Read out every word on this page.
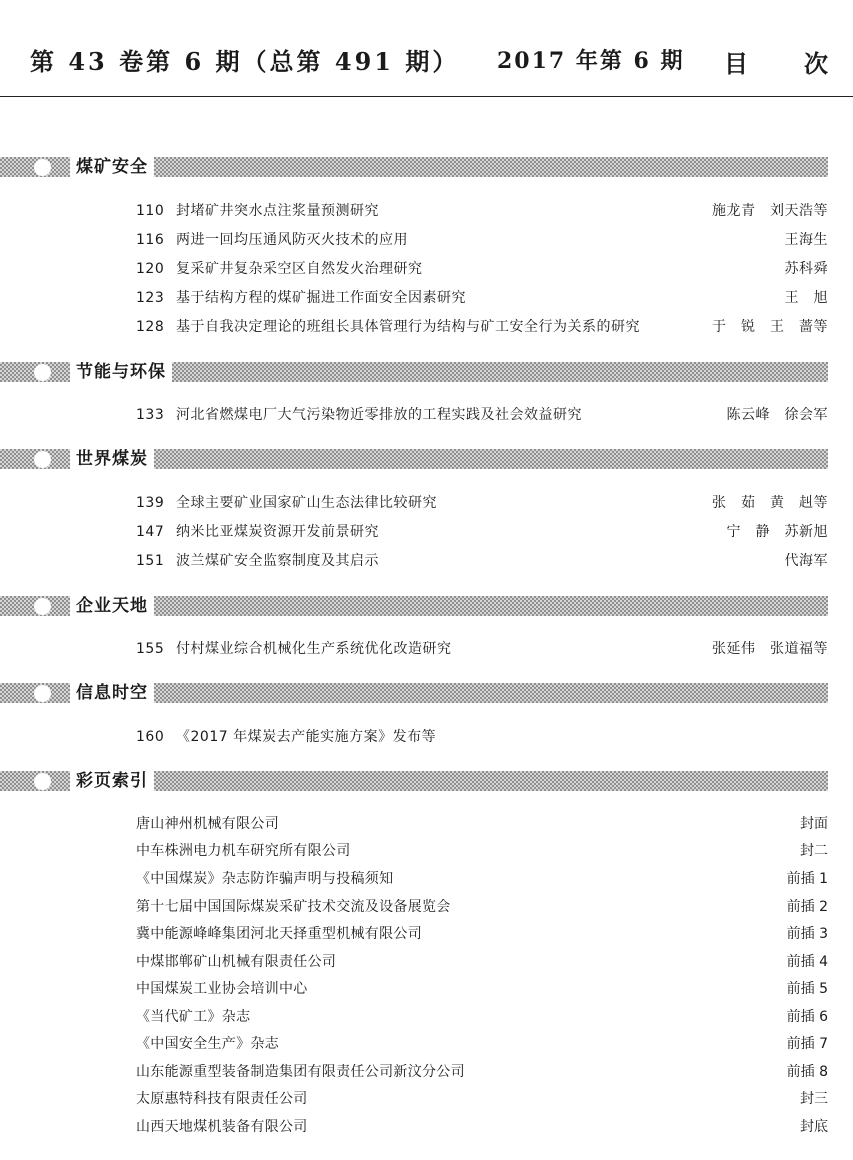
第 43 卷第 6 期（总第 491 期） 2017 年第 6 期 目 次
煤矿安全
110 封堵矿井突水点注浆量预测研究	施龙青　刘天浩等
116 两进一回均压通风防灭火技术的应用	王海生
120 复采矿井复杂采空区自然发火治理研究	苏科舜
123 基于结构方程的煤矿掘进工作面安全因素研究	王　旭
128 基于自我决定理论的班组长具体管理行为结构与矿工安全行为关系的研究	于　锐　王　蔷等
节能与环保
133 河北省燃煤电厂大气污染物近零排放的工程实践及社会效益研究	陈云峰　徐会军
世界煤炭
139 全球主要矿业国家矿山生态法律比较研究	张　茹　黄　赳等
147 纳米比亚煤炭资源开发前景研究	宁　静　苏新旭
151 波兰煤矿安全监察制度及其启示	代海军
企业天地
155 付村煤业综合机械化生产系统优化改造研究	张延伟　张道福等
信息时空
160 《2017 年煤炭去产能实施方案》发布等
彩页索引
唐山神州机械有限公司	封面
中车株洲电力机车研究所有限公司	封二
《中国煤炭》杂志防诈骗声明与投稿须知	前插 1
第十七届中国国际煤炭采矿技术交流及设备展览会	前插 2
冀中能源峰峰集团河北天择重型机械有限公司	前插 3
中煤邯郸矿山机械有限责任公司	前插 4
中国煤炭工业协会培训中心	前插 5
《当代矿工》杂志	前插 6
《中国安全生产》杂志	前插 7
山东能源重型装备制造集团有限责任公司新汶分公司	前插 8
太原惠特科技有限责任公司	封三
山西天地煤机装备有限公司	封底
